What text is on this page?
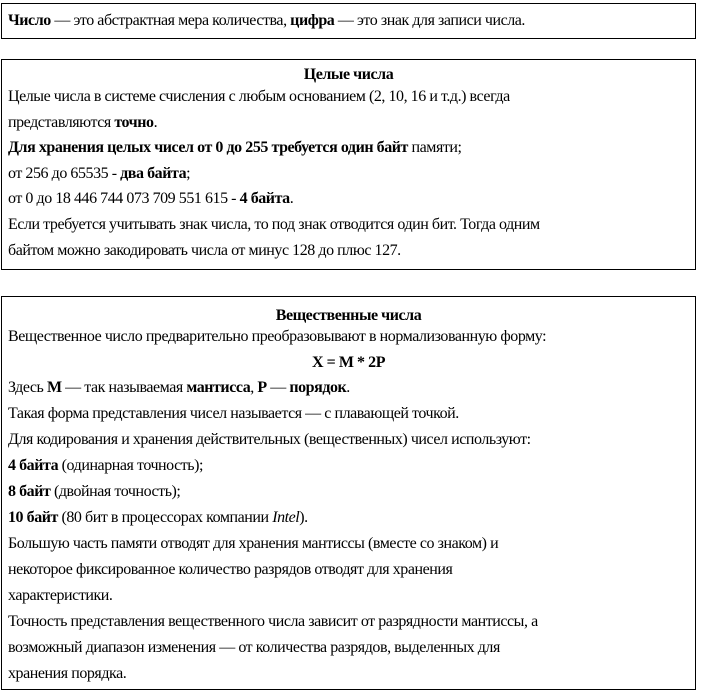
Число — это абстрактная мера количества, цифра — это знак для записи числа.
Целые числа
Целые числа в системе счисления с любым основанием (2, 10, 16 и т.д.) всегда
представляются точно.
Для хранения целых чисел от 0 до 255 требуется один байт памяти;
от 256 до 65535 - два байта;
от 0 до 18 446 744 073 709 551 615 - 4 байта.
Если требуется учитывать знак числа, то под знак отводится один бит. Тогда одним
байтом можно закодировать числа от минус 128 до плюс 127.
Вещественные числа
Вещественное число предварительно преобразовывают в нормализованную форму:
X = M * 2P
Здесь М — так называемая мантисса, Р — порядок.
Такая форма представления чисел называется — с плавающей точкой.
Для кодирования и хранения действительных (вещественных) чисел используют:
4 байта (одинарная точность);
8 байт (двойная точность);
10 байт (80 бит в процессорах компании Intel).
Большую часть памяти отводят для хранения мантиссы (вместе со знаком) и
некоторое фиксированное количество разрядов отводят для хранения
характеристики.
Точность представления вещественного числа зависит от разрядности мантиссы, а
возможный диапазон изменения — от количества разрядов, выделенных для
хранения порядка.
